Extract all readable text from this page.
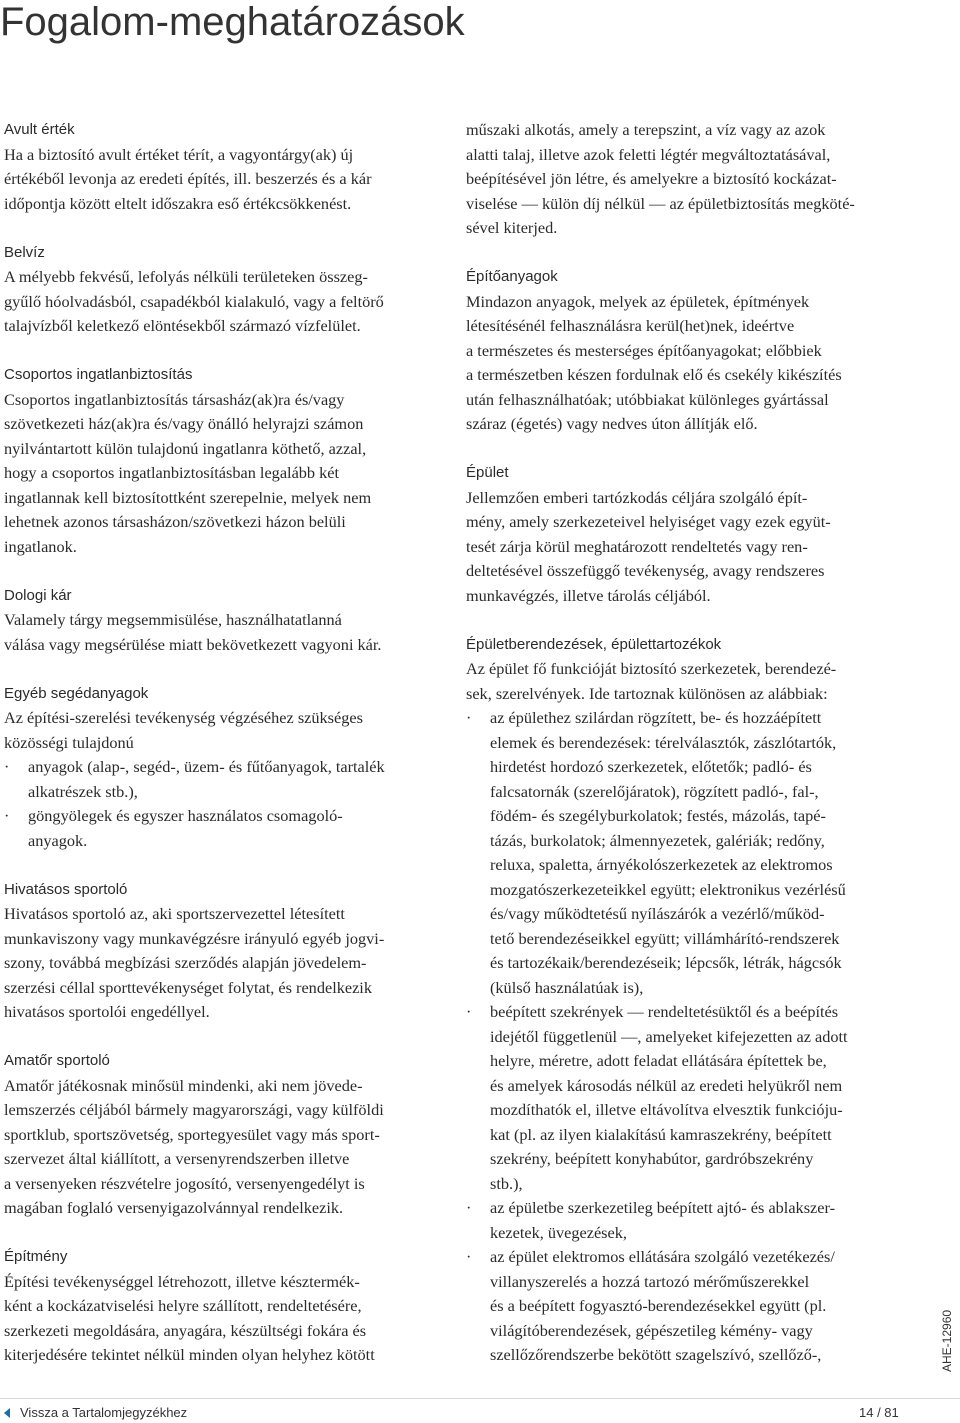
Fogalom-meghatározások
Avult érték
Ha a biztosító avult értéket térít, a vagyontárgy(ak) új
értékéből levonja az eredeti építés, ill. beszerzés és a kár
időpontja között eltelt időszakra eső értékcsökkenést.
Belvíz
A mélyebb fekvésű, lefolyás nélküli területeken összeg-
gyűlő hóolvadásból, csapadékból kialakuló, vagy a feltörő
talajvízből keletkező elöntésekből származó vízfelület.
Csoportos ingatlanbiztosítás
Csoportos ingatlanbiztosítás társasház(ak)ra és/vagy
szövetkezeti ház(ak)ra és/vagy önálló helyrajzi számon
nyilvántartott külön tulajdonú ingatlanra köthető, azzal,
hogy a csoportos ingatlanbiztosításban legalább két
ingatlannak kell biztosítottként szerepelnie, melyek nem
lehetnek azonos társasházon/szövetkezi házon belüli
ingatlanok.
Dologi kár
Valamely tárgy megsemmisülése, használhatatlanná
válása vagy megsérülése miatt bekövetkezett vagyoni kár.
Egyéb segédanyagok
Az építési-szerelési tevékenység végzéséhez szükséges
közösségi tulajdonú
·	anyagok (alap-, segéd-, üzem- és fűtőanyagok, tartalék
alkatrészek stb.),
·	göngyölegek és egyszer használatos csomagoló-
anyagok.
Hivatásos sportoló
Hivatásos sportoló az, aki sportszervezettel létesített
munkaviszony vagy munkavégzésre irányuló egyéb jogvi-
szony, továbbá megbízási szerződés alapján jövedelem-
szerzési céllal sporttevékenységet folytat, és rendelkezik
hivatásos sportolói engedéllyel.
Amatőr sportoló
Amatőr játékosnak minősül mindenki, aki nem jövede-
lemszerzés céljából bármely magyarországi, vagy külföldi
sportklub, sportszövetség, sportegyesület vagy más sport-
szervezet által kiállított, a versenyrendszerben illetve
a versenyeken részvételre jogosító, versenyengedélyt is
magában foglaló versenyigazolvánnyal rendelkezik.
Építmény
Építési tevékenységgel létrehozott, illetve késztermék-
ként a kockázatviselési helyre szállított, rendeltetésére,
szerkezeti megoldására, anyagára, készültségi fokára és
kiterjedésére tekintet nélkül minden olyan helyhez kötött
műszaki alkotás, amely a terepszint, a víz vagy az azok
alatti talaj, illetve azok feletti légtér megváltoztatásával,
beépítésével jön létre, és amelyekre a biztosító kockázat-
viselése — külön díj nélkül — az épületbiztosítás megköté-
sével kiterjed.
Építőanyagok
Mindazon anyagok, melyek az épületek, építmények
létesítésénél felhasználásra kerül(het)nek, ideértve
a természetes és mesterséges építőanyagokat; előbbiek
a természetben készen fordulnak elő és csekély kikészítés
után felhasználhatóak; utóbbiakat különleges gyártással
száraz (égetés) vagy nedves úton állítják elő.
Épület
Jellemzően emberi tartózkodás céljára szolgáló épít-
mény, amely szerkezeteivel helyiséget vagy ezek együt-
tesét zárja körül meghatározott rendeltetés vagy ren-
deltetésével összefüggő tevékenység, avagy rendszeres
munkavégzés, illetve tárolás céljából.
Épületberendezések, épülettartozékok
Az épület fő funkcióját biztosító szerkezetek, berendezé-
sek, szerelvények. Ide tartoznak különösen az alábbiak:
·	az épülethez szilárdan rögzített, be- és hozzáépített
elemek és berendezések: térelválasztók, zászlótartók,
hirdetést hordozó szerkezetek, előtetők; padló- és
falcsatornák (szerelőjáratok), rögzített padló-, fal-,
födém- és szegélyburkolatok; festés, mázolás, tapé-
tázás, burkolatok; álmennyezetek, galériák; redőny,
reluxa, spaletta, árnyékolószerkezetek az elektromos
mozgatószerkezeteikkel együtt; elektronikus vezérlésű
és/vagy működtetésű nyílászárók a vezérlő/működ-
tető berendezéseikkel együtt; villámhárító-rendszerek
és tartozékaik/berendezéseik; lépcsők, létrák, hágcsók
(külső használatúak is),
·	beépített szekrények — rendeltetésüktől és a beépítés
idejétől függetlenül —, amelyeket kifejezetten az adott
helyre, méretre, adott feladat ellátására építettek be,
és amelyek károsodás nélkül az eredeti helyükről nem
mozdíthatók el, illetve eltávolítva elvesztik funkcióju-
kat (pl. az ilyen kialakítású kamraszekrény, beépített
szekrény, beépített konyhabútor, gardróbszekrény
stb.),
·	az épületbe szerkezetileg beépített ajtó- és ablakszer-
kezetek, üvegezések,
·	az épület elektromos ellátására szolgáló vezetékezés/
villanyszerelés a hozzá tartozó mérőműszerekkel
és a beépített fogyasztó-berendezésekkel együtt (pl.
világítóberendezések, gépészetileg kémény- vagy
szellőzőrendszerbe bekötött szagelszívó, szellőző-,	AHE-12960
Vissza a Tartalomjegyzékhez	14 / 81
